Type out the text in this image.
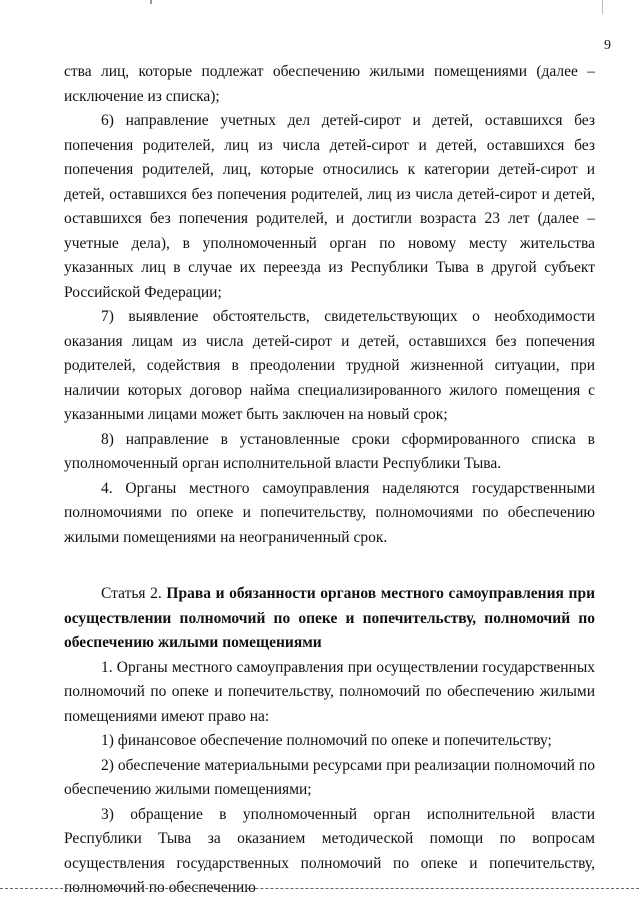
9

ства лиц, которые подлежат обеспечению жилыми помещениями (далее – исключение из списка);

6) направление учетных дел детей-сирот и детей, оставшихся без попечения родителей, лиц из числа детей-сирот и детей, оставшихся без попечения родителей, лиц, которые относились к категории детей-сирот и детей, оставшихся без попечения родителей, лиц из числа детей-сирот и детей, оставшихся без попечения родителей, и достигли возраста 23 лет (далее – учетные дела), в уполномоченный орган по новому месту жительства указанных лиц в случае их переезда из Республики Тыва в другой субъект Российской Федерации;

7) выявление обстоятельств, свидетельствующих о необходимости оказания лицам из числа детей-сирот и детей, оставшихся без попечения родителей, содействия в преодолении трудной жизненной ситуации, при наличии которых договор найма специализированного жилого помещения с указанными лицами может быть заключен на новый срок;

8) направление в установленные сроки сформированного списка в уполномоченный орган исполнительной власти Республики Тыва.

4. Органы местного самоуправления наделяются государственными полномочиями по опеке и попечительству, полномочиями по обеспечению жилыми помещениями на неограниченный срок.

Статья 2. Права и обязанности органов местного самоуправления при осуществлении полномочий по опеке и попечительству, полномочий по обеспечению жилыми помещениями

1. Органы местного самоуправления при осуществлении государственных полномочий по опеке и попечительству, полномочий по обеспечению жилыми помещениями имеют право на:

1) финансовое обеспечение полномочий по опеке и попечительству;

2) обеспечение материальными ресурсами при реализации полномочий по обеспечению жилыми помещениями;

3) обращение в уполномоченный орган исполнительной власти Республики Тыва за оказанием методической помощи по вопросам осуществления государственных полномочий по опеке и попечительству, полномочий по обеспечению
